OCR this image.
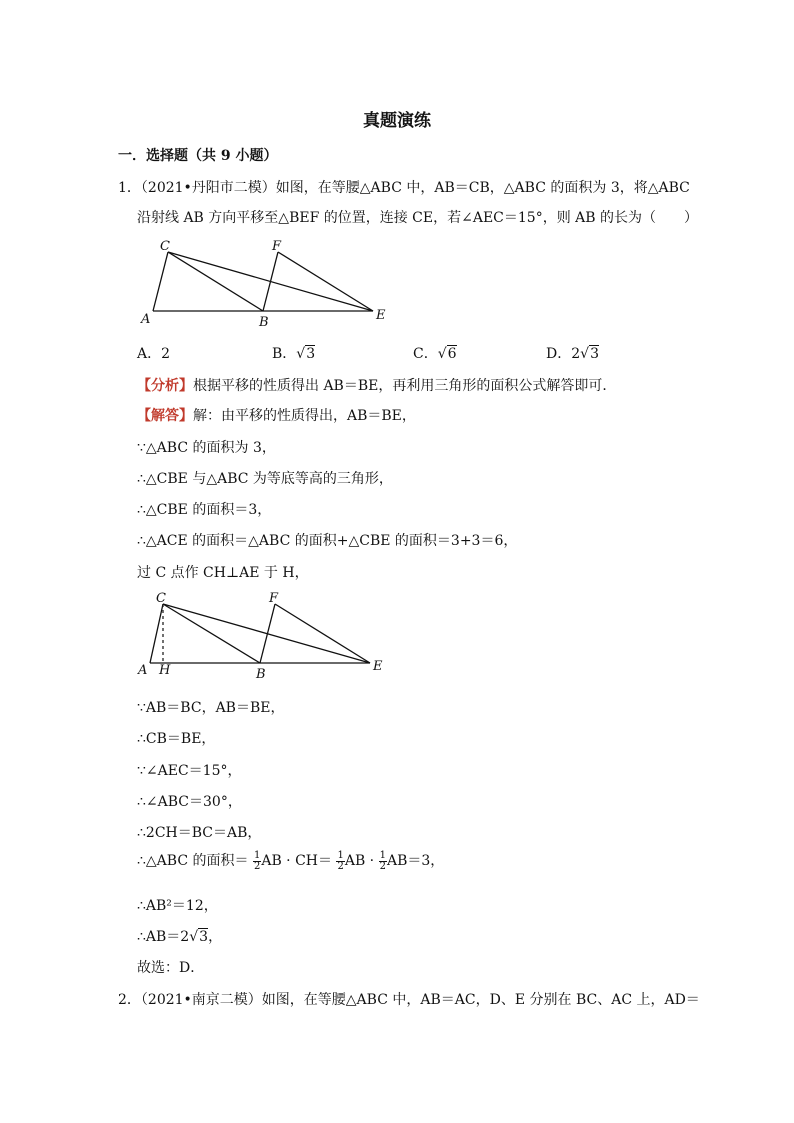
真题演练
一．选择题（共 9 小题）
1．（2021•丹阳市二模）如图，在等腰△ABC 中，AB＝CB，△ABC 的面积为 3，将△ABC
沿射线 AB 方向平移至△BEF 的位置，连接 CE，若∠AEC＝15°，则 AB 的长为（　　）
C	F
A	B	E
A．2	B．√3	C．√6	D．2√3
【分析】根据平移的性质得出 AB＝BE，再利用三角形的面积公式解答即可．
【解答】解：由平移的性质得出，AB＝BE，
∵△ABC 的面积为 3，
∴△CBE 与△ABC 为等底等高的三角形，
∴△CBE 的面积＝3，
∴△ACE 的面积＝△ABC 的面积+△CBE 的面积＝3+3＝6，
过 C 点作 CH⊥AE 于 H，
C	F
A H	B
E
∵AB＝BC，AB＝BE，
∴CB＝BE，
∵∠AEC＝15°，
∴∠ABC＝30°，
∴2CH＝BC＝AB，
∴△ABC 的面积＝ $\frac{1}{2}$ AB · $CH= \frac{1}{2}$ AB · $\frac{1}{2} AB=3$，
∴AB²＝12，
∴AB＝2√3，
故选：D．
2．（2021•南京二模）如图，在等腰△ABC 中，AB＝AC，D、E 分别在 BC、AC 上，AD＝
